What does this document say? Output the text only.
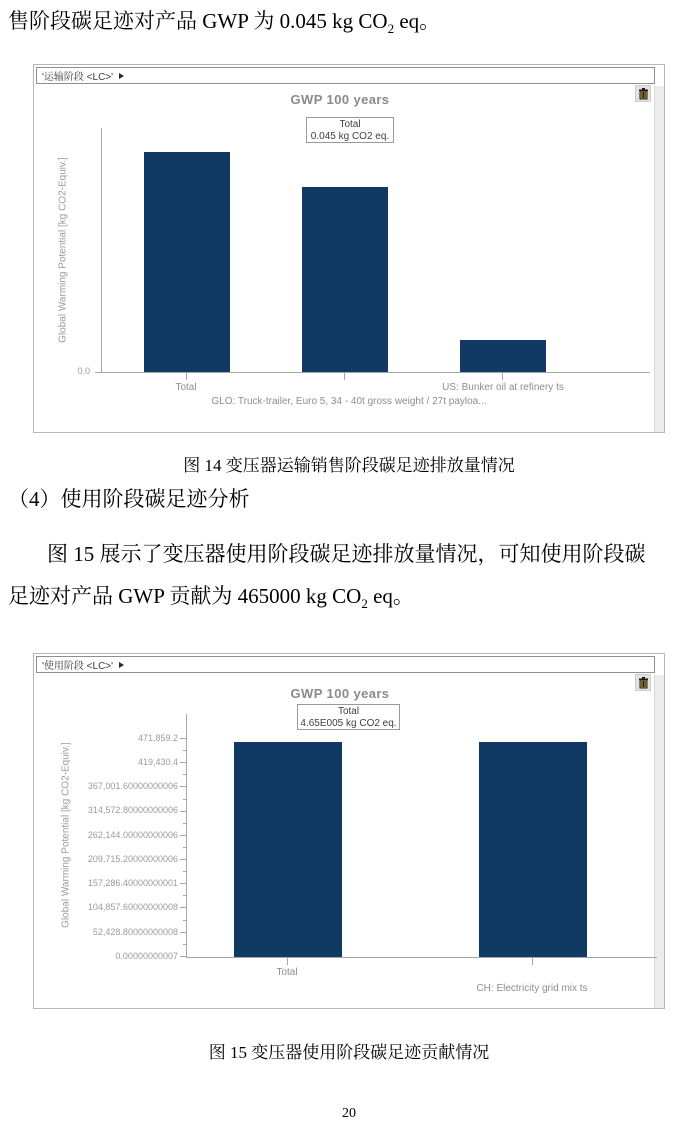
售阶段碳足迹对产品 GWP 为 0.045 kg $CO_2$ eq。
'运输阶段 <LC>'
GWP 100 years
Total
0.045 kg CO2 eq.
Global Warming Potential [kg CO2-Equiv.]
0.0
Total	US: Bunker oil at refinery ts
GLO: Truck-trailer, Euro 5, 34 - 40t gross weight / 27t payloa...
图 14 变压器运输销售阶段碳足迹排放量情况
（4）使用阶段碳足迹分析
图 15 展示了变压器使用阶段碳足迹排放量情况，可知使用阶段碳
足迹对产品 GWP 贡献为 465000 kg $CO_2$ eq。
'使用阶段 <LC>'
GWP 100 years
Total
4.65E005 kg CO2 eq.
Global Warming Potential [kg CO2-Equiv.]
471,859.2
419,430.4
367,001.60000000006
314,572.80000000006
262,144.00000000006
209,715.20000000006
157,286.40000000001
104,857.60000000008
52,428.80000000008
0.00000000007
Total
CH: Electricity grid mix ts
图 15 变压器使用阶段碳足迹贡献情况
20
